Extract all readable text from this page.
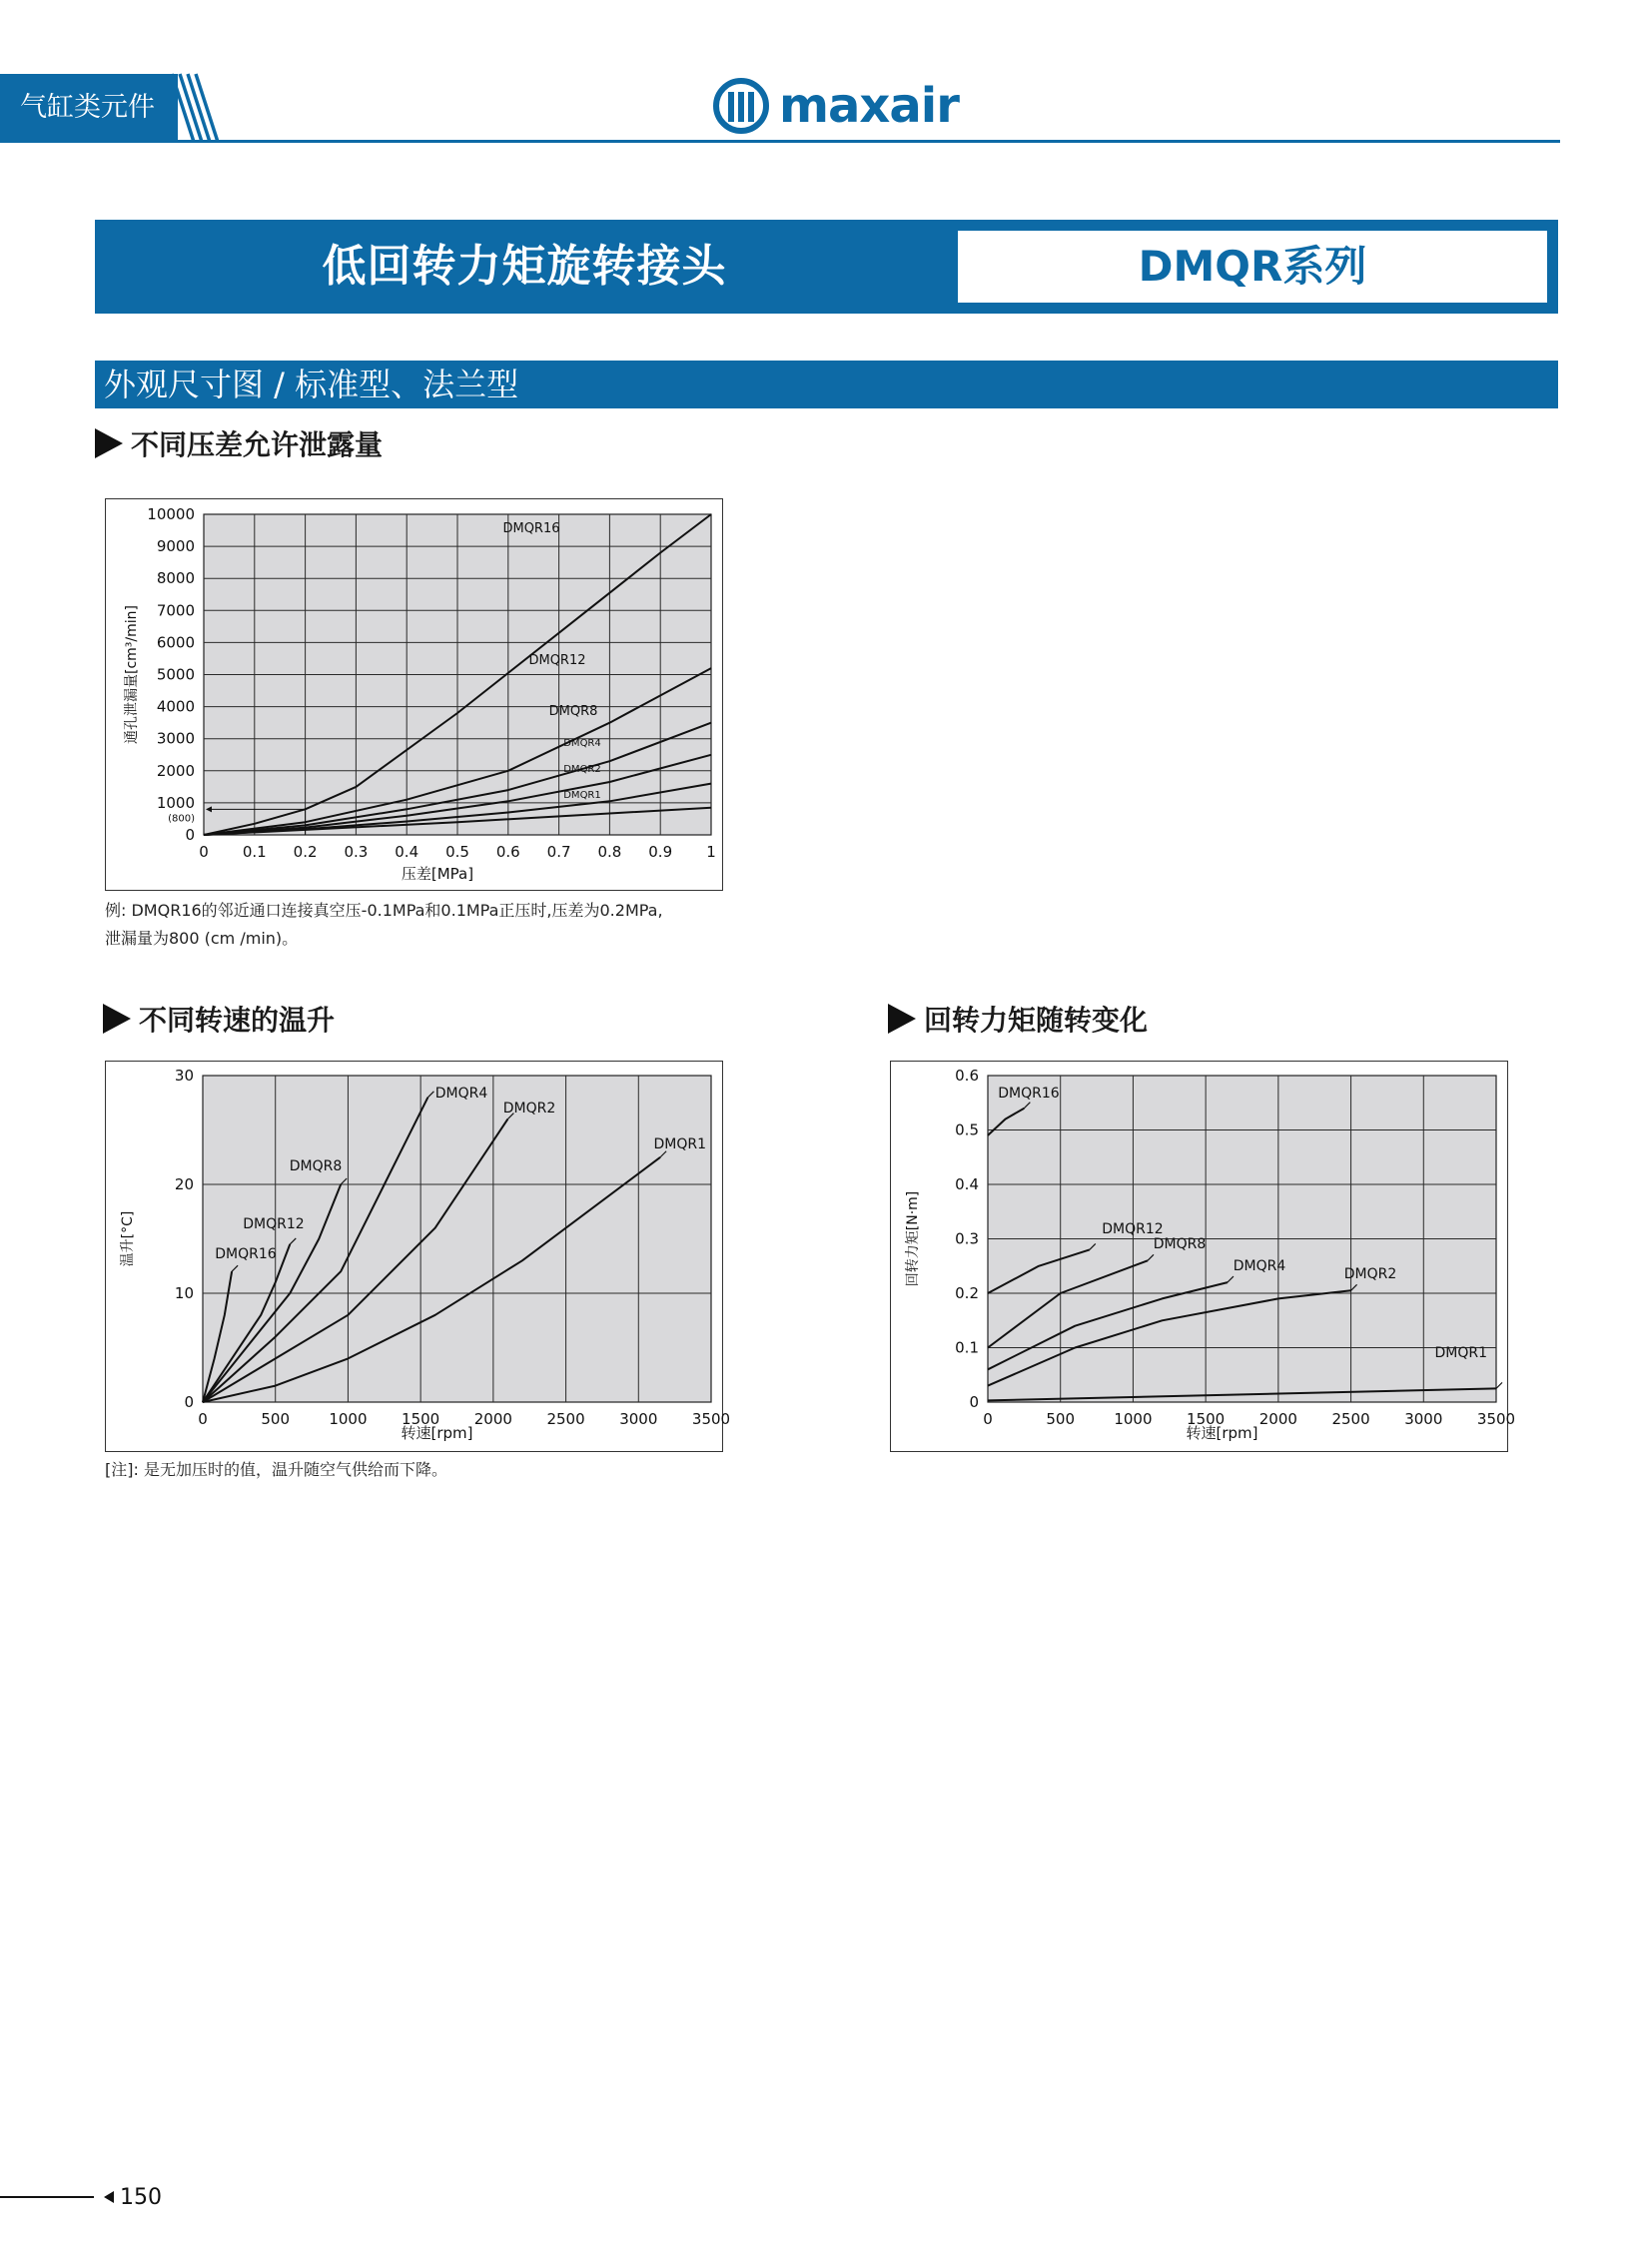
气缸类元件	maxair
低回转力矩旋转接头	DMQR系列
外观尺寸图 / 标准型、法兰型
不同压差允许泄露量
0 0.1 0.2 0.3 0.4 0.5 0.6 0.7 0.8 0.9 1
0
1000
2000
3000
4000
5000
6000
7000
8000
9000
10000
压差[MPa]
通孔泄漏量[cm³/min]
DMQR16
DMQR12
DMQR8
DMQR4
DMQR2
DMQR1
(800)
例: DMQR16的邻近通口连接真空压-0.1MPa和0.1MPa正压时,压差为0.2MPa,
泄漏量为800 (cm /min)。
不同转速的温升
0	500	1000 1500 2000 2500 3000 3500
0
10
20
30
转速[rpm]
温升[°C]	DMQR16
DMQR12
DMQR8
DMQR4
DMQR2
DMQR1
[注]: 是无加压时的值，温升随空气供给而下降。
回转力矩随转变化
0	500	1000 1500 2000 2500 3000 3500
0
0.1
0.2
0.3
0.4
0.5
0.6
转速[rpm]
回转力矩[N·m]
DMQR16
DMQR12
DMQR8
DMQR4	DMQR2
DMQR1
150
